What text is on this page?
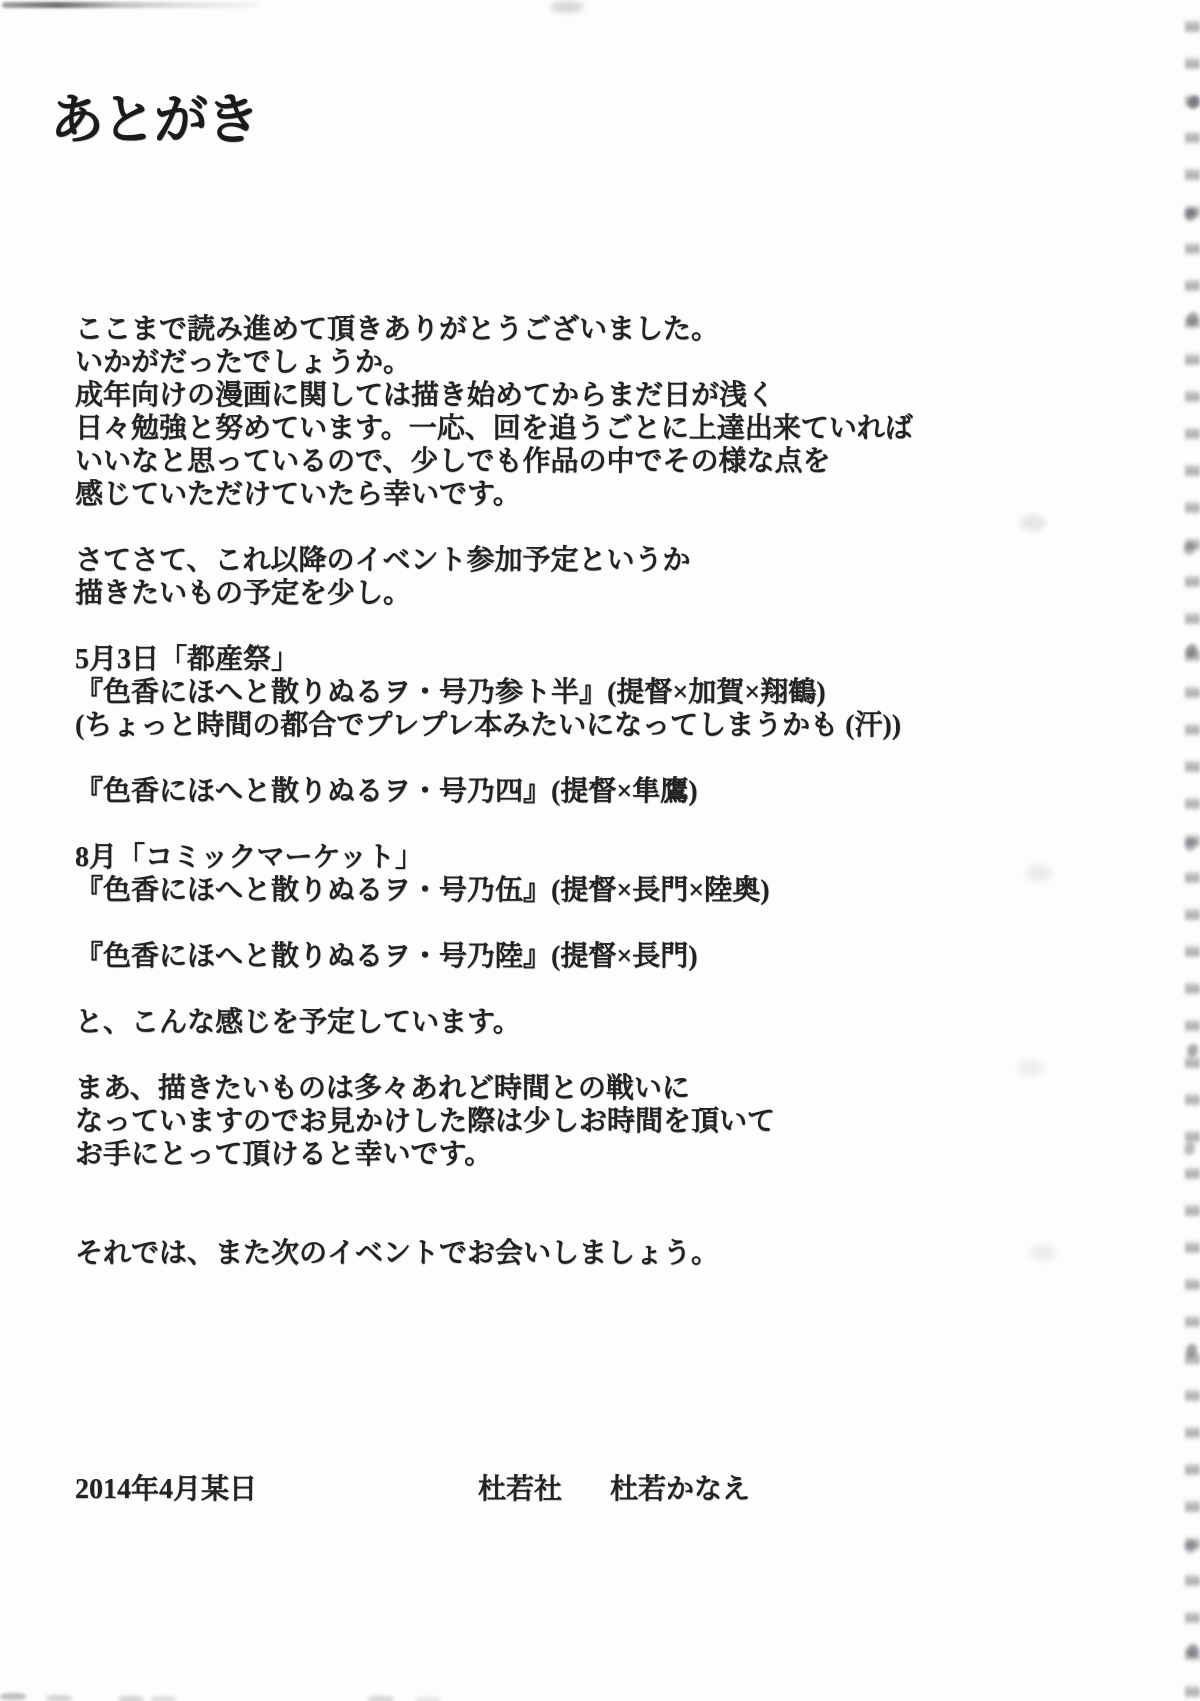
あとがき
ここまで読み進めて頂きありがとうございました。
いかがだったでしょうか。
成年向けの漫画に関しては描き始めてからまだ日が浅く
日々勉強と努めています。一応、回を追うごとに上達出来ていれば
いいなと思っているので、少しでも作品の中でその様な点を
感じていただけていたら幸いです。

さてさて、これ以降のイベント参加予定というか
描きたいもの予定を少し。

5月3日「都産祭」
『色香にほへと散りぬるヲ・号乃参ト半』(提督×加賀×翔鶴)
(ちょっと時間の都合でプレプレ本みたいになってしまうかも (汗))

『色香にほへと散りぬるヲ・号乃四』(提督×隼鷹)

8月「コミックマーケット」
『色香にほへと散りぬるヲ・号乃伍』(提督×長門×陸奥)

『色香にほへと散りぬるヲ・号乃陸』(提督×長門)

と、こんな感じを予定しています。

まあ、描きたいものは多々あれど時間との戦いに
なっていますのでお見かけした際は少しお時間を頂いて
お手にとって頂けると幸いです。

それでは、また次のイベントでお会いしましょう。
2014年4月某日	杜若社 杜若かなえ
